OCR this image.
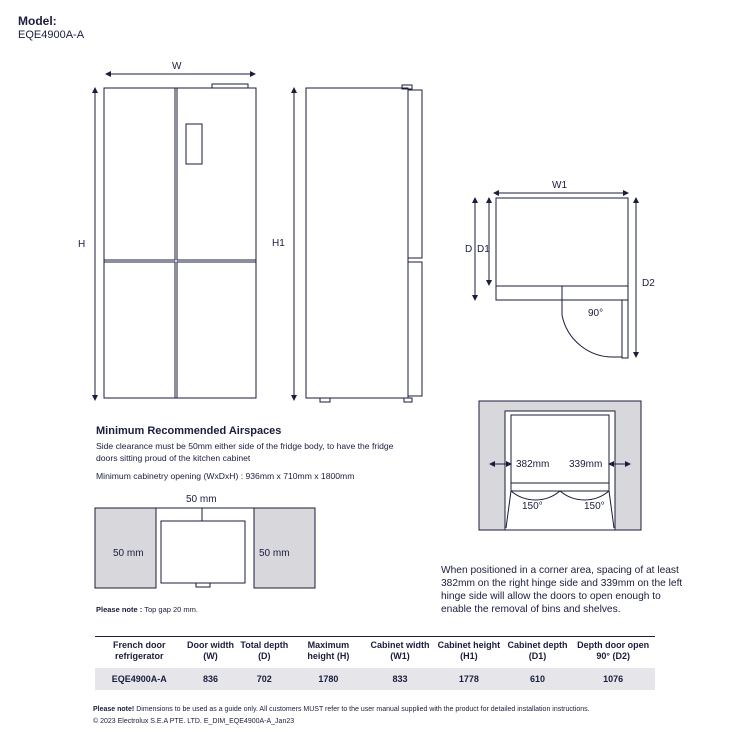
Model:
EQE4900A-A
W
H	H1
W1
D D1
D2
90°
382mm 339mm
150°	150°
50 mm
50 mm	50 mm
Minimum Recommended Airspaces
Side clearance must be 50mm either side of the fridge body, to have the fridge doors sitting proud of the kitchen cabinet
Minimum cabinetry opening (WxDxH) : 936mm x 710mm x 1800mm
Please note : Top gap 20 mm.
When positioned in a corner area, spacing of at least 382mm on the right hinge side and 339mm on the left hinge side will allow the doors to open enough to enable the removal of bins and shelves.
French door refrigerator	Door width (W)	Total depth (D)	Maximum height (H)	Cabinet width (W1)	Cabinet height (H1)	Cabinet depth (D1)	Depth door open 90° (D2)
EQE4900A-A	836	702	1780	833	1778	610	1076
Please note! Dimensions to be used as a guide only. All customers MUST refer to the user manual supplied with the product for detailed installation instructions.
© 2023 Electrolux S.E.A PTE. LTD. E_DIM_EQE4900A-A_Jan23
